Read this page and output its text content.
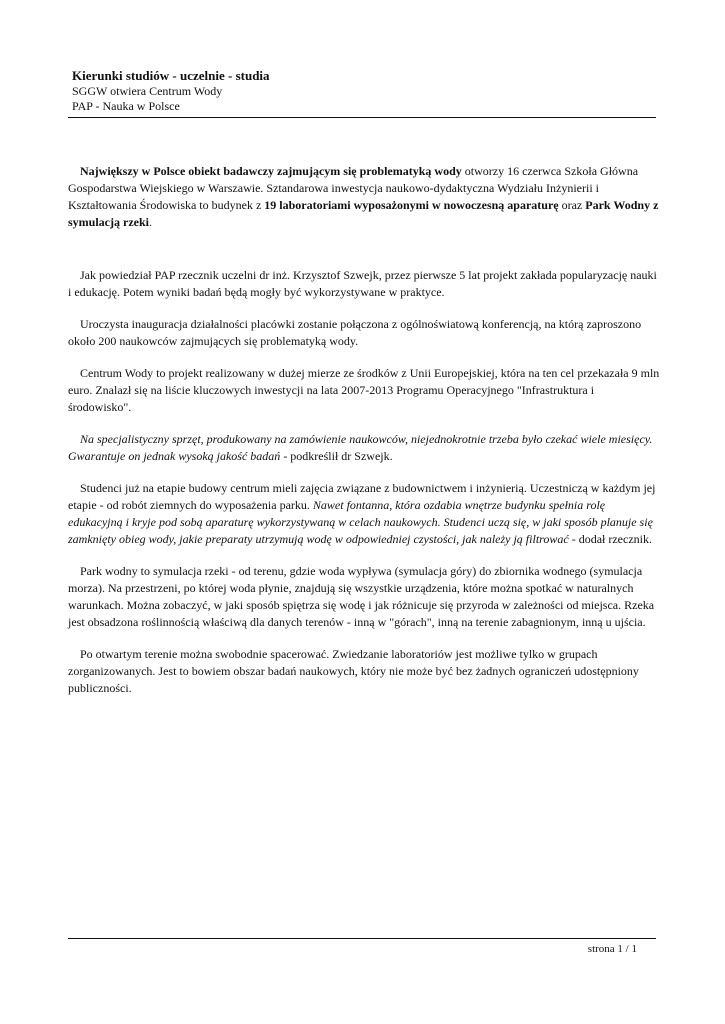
Kierunki studiów - uczelnie - studia
SGGW otwiera Centrum Wody
PAP - Nauka w Polsce

Największy w Polsce obiekt badawczy zajmującym się problematyką wody otworzy 16 czerwca Szkoła Główna Gospodarstwa Wiejskiego w Warszawie. Sztandarowa inwestycja naukowo-dydaktyczna Wydziału Inżynierii i Kształtowania Środowiska to budynek z 19 laboratoriami wyposażonymi w nowoczesną aparaturę oraz Park Wodny z symulacją rzeki.

Jak powiedział PAP rzecznik uczelni dr inż. Krzysztof Szwejk, przez pierwsze 5 lat projekt zakłada popularyzację nauki i edukację. Potem wyniki badań będą mogły być wykorzystywane w praktyce.

Uroczysta inauguracja działalności placówki zostanie połączona z ogólnoświatową konferencją, na którą zaproszono około 200 naukowców zajmujących się problematyką wody.

Centrum Wody to projekt realizowany w dużej mierze ze środków z Unii Europejskiej, która na ten cel przekazała 9 mln euro. Znalazł się na liście kluczowych inwestycji na lata 2007-2013 Programu Operacyjnego "Infrastruktura i środowisko".

Na specjalistyczny sprzęt, produkowany na zamówienie naukowców, niejednokrotnie trzeba było czekać wiele miesięcy. Gwarantuje on jednak wysoką jakość badań - podkreślił dr Szwejk.

Studenci już na etapie budowy centrum mieli zajęcia związane z budownictwem i inżynierią. Uczestniczą w każdym jej etapie - od robót ziemnych do wyposażenia parku. Nawet fontanna, która ozdabia wnętrze budynku spełnia rolę edukacyjną i kryje pod sobą aparaturę wykorzystywaną w celach naukowych. Studenci uczą się, w jaki sposób planuje się zamknięty obieg wody, jakie preparaty utrzymują wodę w odpowiedniej czystości, jak należy ją filtrować - dodał rzecznik.

Park wodny to symulacja rzeki - od terenu, gdzie woda wypływa (symulacja góry) do zbiornika wodnego (symulacja morza). Na przestrzeni, po której woda płynie, znajdują się wszystkie urządzenia, które można spotkać w naturalnych warunkach. Można zobaczyć, w jaki sposób spiętrza się wodę i jak różnicuje się przyroda w zależności od miejsca. Rzeka jest obsadzona roślinnością właściwą dla danych terenów - inną w "górach", inną na terenie zabagnionym, inną u ujścia.

Po otwartym terenie można swobodnie spacerować. Zwiedzanie laboratoriów jest możliwe tylko w grupach zorganizowanych. Jest to bowiem obszar badań naukowych, który nie może być bez żadnych ograniczeń udostępniony publiczności.

strona 1 / 1
